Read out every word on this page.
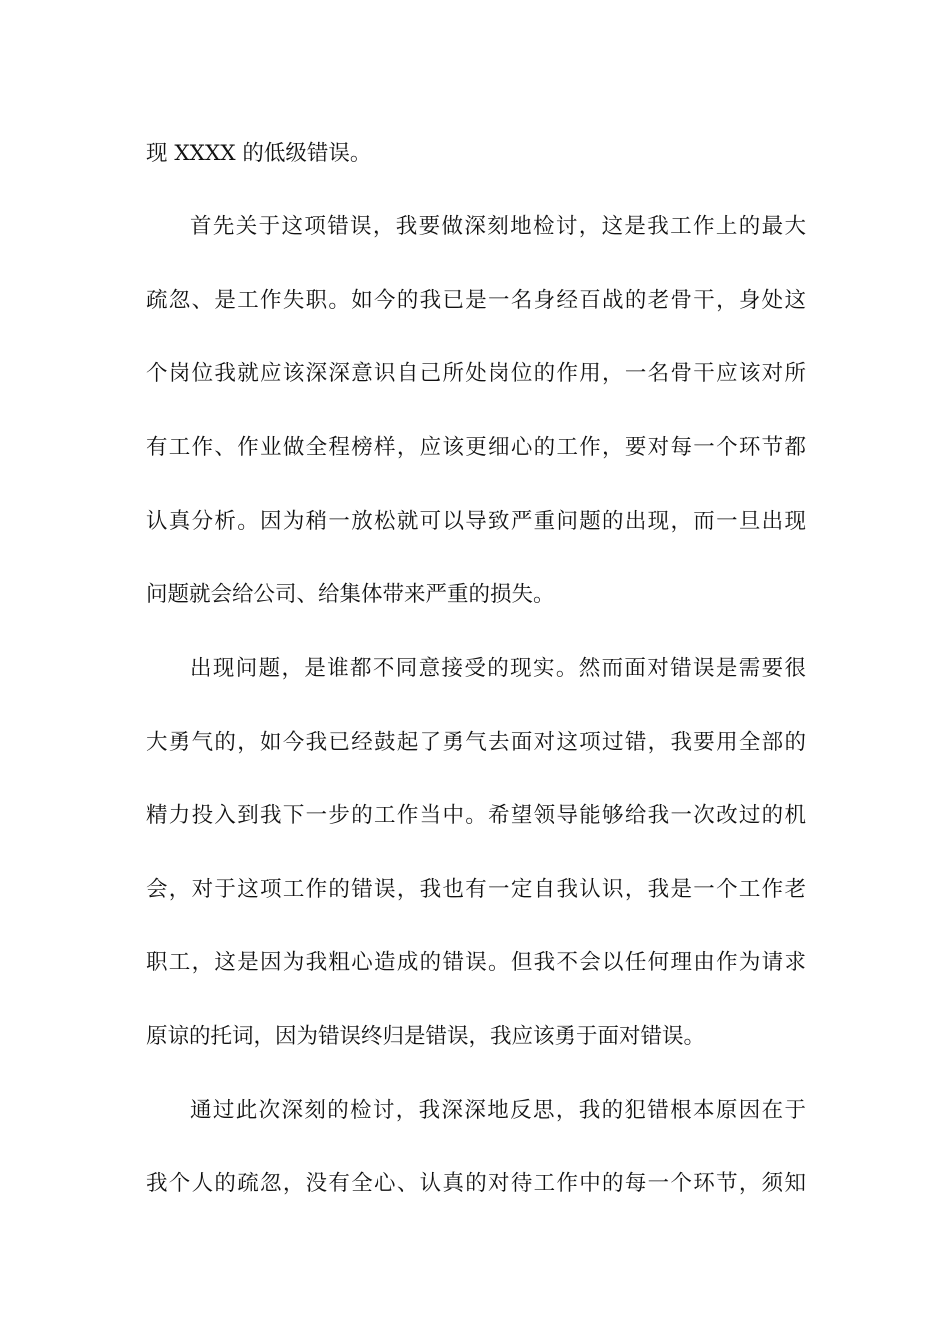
现 XXXX 的低级错误。
首先关于这项错误，我要做深刻地检讨，这是我工作上的最大
疏忽、是工作失职。如今的我已是一名身经百战的老骨干，身处这
个岗位我就应该深深意识自己所处岗位的作用，一名骨干应该对所
有工作、作业做全程榜样，应该更细心的工作，要对每一个环节都
认真分析。因为稍一放松就可以导致严重问题的出现，而一旦出现
问题就会给公司、给集体带来严重的损失。
出现问题，是谁都不同意接受的现实。然而面对错误是需要很
大勇气的，如今我已经鼓起了勇气去面对这项过错，我要用全部的
精力投入到我下一步的工作当中。希望领导能够给我一次改过的机
会，对于这项工作的错误，我也有一定自我认识，我是一个工作老
职工，这是因为我粗心造成的错误。但我不会以任何理由作为请求
原谅的托词，因为错误终归是错误，我应该勇于面对错误。
通过此次深刻的检讨，我深深地反思，我的犯错根本原因在于
我个人的疏忽，没有全心、认真的对待工作中的每一个环节，须知
